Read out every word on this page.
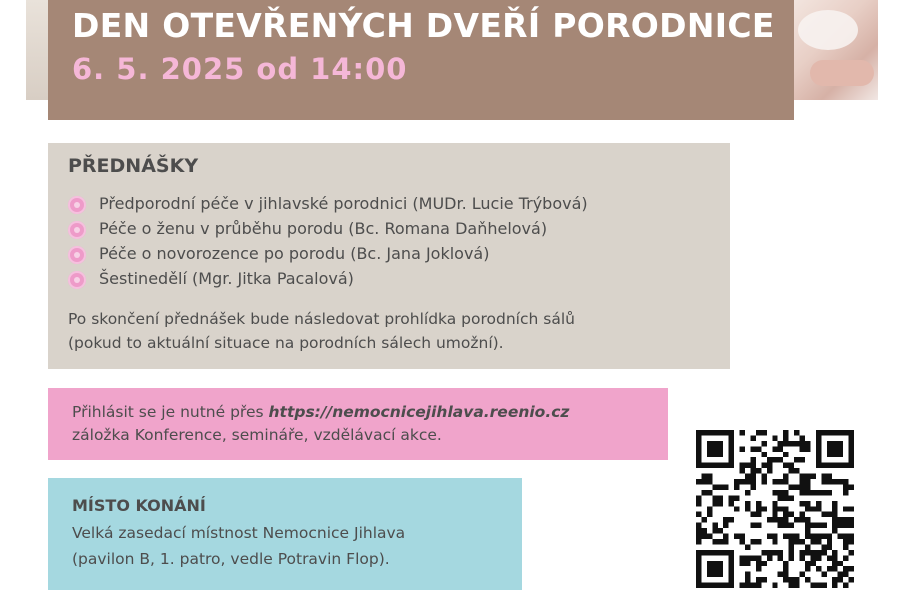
DEN OTEVŘENÝCH DVEŘÍ PORODNICE
6. 5. 2025 od 14:00
PŘEDNÁŠKY
Předporodní péče v jihlavské porodnici (MUDr. Lucie Trýbová)
Péče o ženu v průběhu porodu (Bc. Romana Daňhelová)
Péče o novorozence po porodu (Bc. Jana Joklová)
Šestinedělí (Mgr. Jitka Pacalová)
Po skončení přednášek bude následovat prohlídka porodních sálů
(pokud to aktuální situace na porodních sálech umožní).
Přihlásit se je nutné přes https://nemocnicejihlava.reenio.cz
záložka Konference, semináře, vzdělávací akce.
MÍSTO KONÁNÍ
Velká zasedací místnost Nemocnice Jihlava
(pavilon B, 1. patro, vedle Potravin Flop).
